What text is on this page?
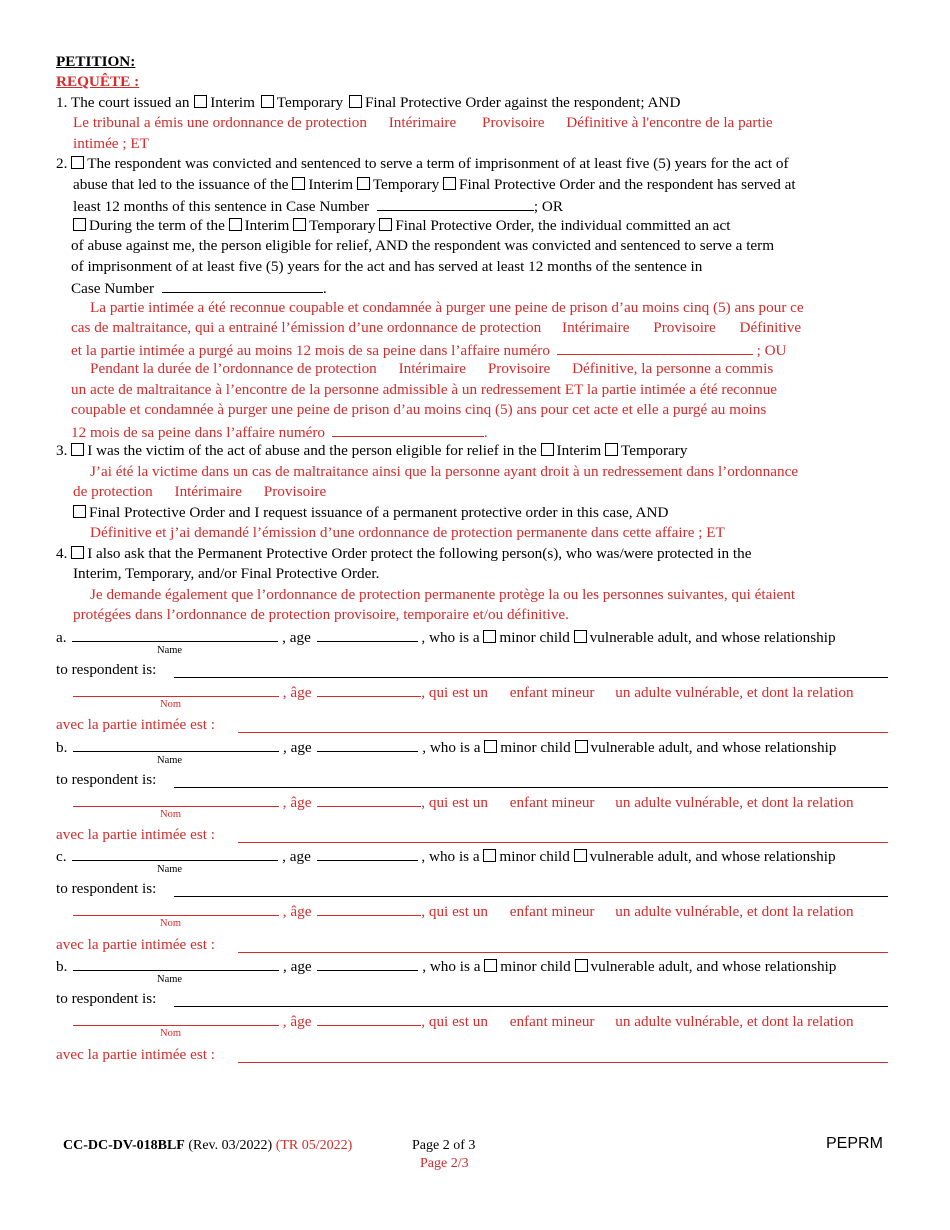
PETITION:
REQUÊTE :
1. The court issued an Interim Temporary Final Protective Order against the respondent; AND
Le tribunal a émis une ordonnance de protection Intérimaire Provisoire Définitive à l'encontre de la partie
intimée ; ET
2. The respondent was convicted and sentenced to serve a term of imprisonment of at least five (5) years for the act of
abuse that led to the issuance of the Interim Temporary Final Protective Order and the respondent has served at
least 12 months of this sentence in Case Number	; OR
During the term of the Interim Temporary Final Protective Order, the individual committed an act
of abuse against me, the person eligible for relief, AND the respondent was convicted and sentenced to serve a term
of imprisonment of at least five (5) years for the act and has served at least 12 months of the sentence in
Case Number	.
La partie intimée a été reconnue coupable et condamnée à purger une peine de prison d’au moins cinq (5) ans pour ce
cas de maltraitance, qui a entrainé l’émission d’une ordonnance de protection Intérimaire Provisoire Définitive
et la partie intimée a purgé au moins 12 mois de sa peine dans l’affaire numéro	; OU
Pendant la durée de l’ordonnance de protection Intérimaire Provisoire Définitive, la personne a commis
un acte de maltraitance à l’encontre de la personne admissible à un redressement ET la partie intimée a été reconnue
coupable et condamnée à purger une peine de prison d’au moins cinq (5) ans pour cet acte et elle a purgé au moins
12 mois de sa peine dans l’affaire numéro	.
3. I was the victim of the act of abuse and the person eligible for relief in the Interim Temporary
J’ai été la victime dans un cas de maltraitance ainsi que la personne ayant droit à un redressement dans l’ordonnance
de protection Intérimaire Provisoire
Final Protective Order and I request issuance of a permanent protective order in this case, AND
Définitive et j’ai demandé l’émission d’une ordonnance de protection permanente dans cette affaire ; ET
4. I also ask that the Permanent Protective Order protect the following person(s), who was/were protected in the
Interim, Temporary, and/or Final Protective Order.
Je demande également que l’ordonnance de protection permanente protège la ou les personnes suivantes, qui étaient
protégées dans l’ordonnance de protection provisoire, temporaire et/ou définitive.
a.	, age	, who is a minor child vulnerable adult, and whose relationship
Name
to respondent is:
, âge	, qui est un enfant mineur un adulte vulnérable, et dont la relation
Nom
avec la partie intimée est :
b.	, age	, who is a minor child vulnerable adult, and whose relationship
Name
to respondent is:
, âge	, qui est un enfant mineur un adulte vulnérable, et dont la relation
Nom
avec la partie intimée est :
c.	, age	, who is a minor child vulnerable adult, and whose relationship
Name
to respondent is:
, âge	, qui est un enfant mineur un adulte vulnérable, et dont la relation
Nom
avec la partie intimée est :
b.	, age	, who is a minor child vulnerable adult, and whose relationship
Name
to respondent is:
, âge	, qui est un enfant mineur un adulte vulnérable, et dont la relation
Nom
avec la partie intimée est :
CC-DC-DV-018BLF (Rev. 03/2022) (TR 05/2022)	Page 2 of 3
Page 2/3
PEPRM
